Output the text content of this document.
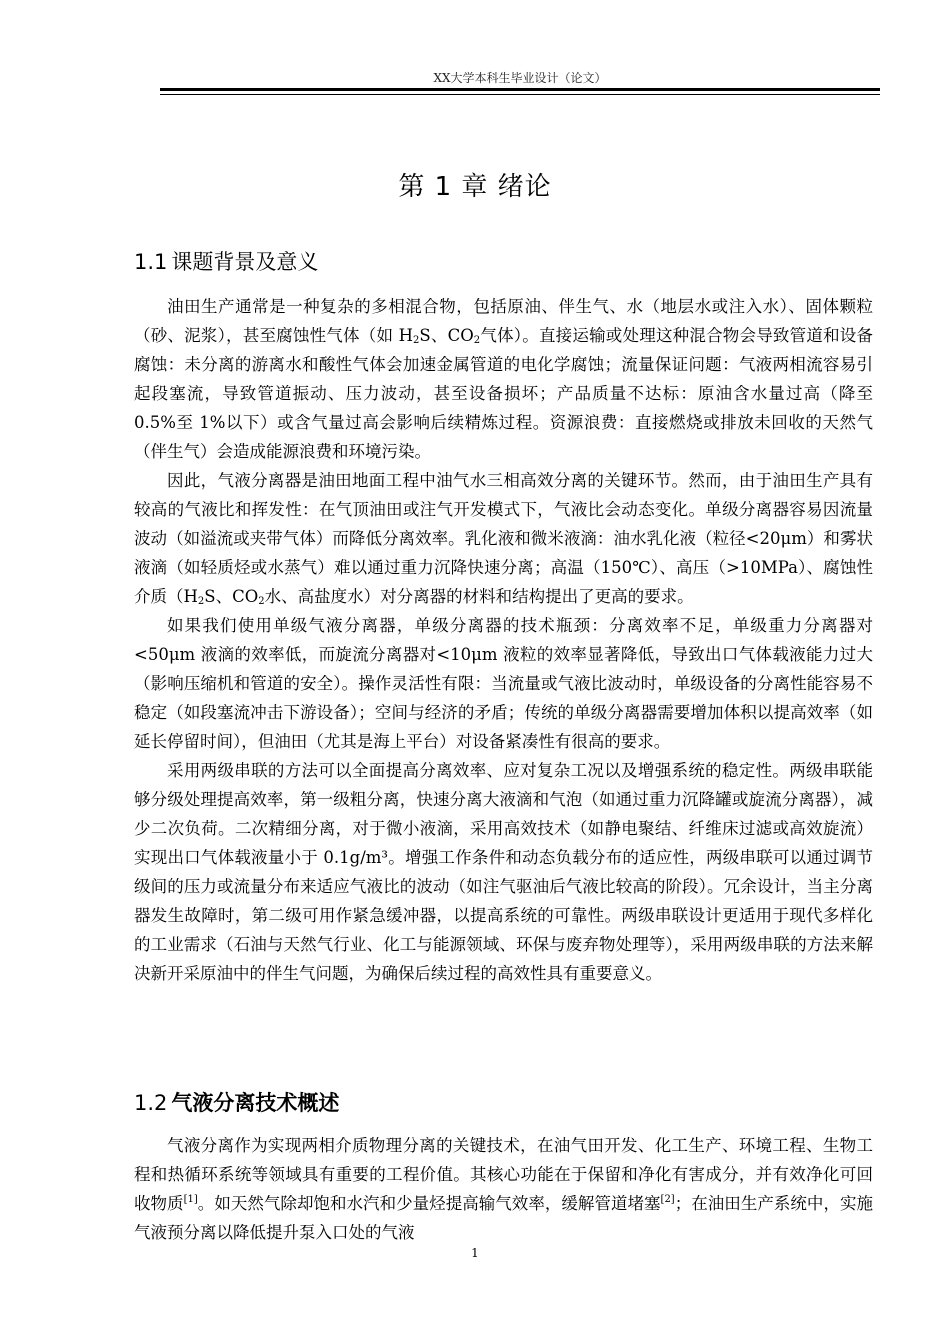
XX大学本科生毕业设计（论文）
第 1 章 绪论
1.1 课题背景及意义

油田生产通常是一种复杂的多相混合物，包括原油、伴生气、水（地层水或注入水）、固体颗粒（砂、泥浆），甚至腐蚀性气体（如 $H_2S$、$CO_2$气体）。直接运输或处理这种混合物会导致管道和设备腐蚀：未分离的游离水和酸性气体会加速金属管道的电化学腐蚀；流量保证问题：气液两相流容易引起段塞流，导致管道振动、压力波动，甚至设备损坏；产品质量不达标：原油含水量过高（降至 0.5%至 1%以下）或含气量过高会影响后续精炼过程。资源浪费：直接燃烧或排放未回收的天然气（伴生气）会造成能源浪费和环境污染。

因此，气液分离器是油田地面工程中油气水三相高效分离的关键环节。然而，由于油田生产具有较高的气液比和挥发性：在气顶油田或注气开发模式下，气液比会动态变化。单级分离器容易因流量波动（如溢流或夹带气体）而降低分离效率。乳化液和微米液滴：油水乳化液（粒径<20μm）和雾状液滴（如轻质烃或水蒸气）难以通过重力沉降快速分离；高温（150℃）、高压（>10MPa）、腐蚀性介质（$H_2S$、$CO_2$水、高盐度水）对分离器的材料和结构提出了更高的要求。

如果我们使用单级气液分离器，单级分离器的技术瓶颈：分离效率不足，单级重力分离器对<50μm 液滴的效率低，而旋流分离器对<10μm 液粒的效率显著降低，导致出口气体载液能力过大（影响压缩机和管道的安全）。操作灵活性有限：当流量或气液比波动时，单级设备的分离性能容易不稳定（如段塞流冲击下游设备）；空间与经济的矛盾；传统的单级分离器需要增加体积以提高效率（如延长停留时间），但油田（尤其是海上平台）对设备紧凑性有很高的要求。

采用两级串联的方法可以全面提高分离效率、应对复杂工况以及增强系统的稳定性。两级串联能够分级处理提高效率，第一级粗分离，快速分离大液滴和气泡（如通过重力沉降罐或旋流分离器），减少二次负荷。二次精细分离，对于微小液滴，采用高效技术（如静电聚结、纤维床过滤或高效旋流）实现出口气体载液量小于 0.1g/m³。增强工作条件和动态负载分布的适应性，两级串联可以通过调节级间的压力或流量分布来适应气液比的波动（如注气驱油后气液比较高的阶段）。冗余设计，当主分离器发生故障时，第二级可用作紧急缓冲器，以提高系统的可靠性。两级串联设计更适用于现代多样化的工业需求（石油与天然气行业、化工与能源领域、环保与废弃物处理等），采用两级串联的方法来解决新开采原油中的伴生气问题，为确保后续过程的高效性具有重要意义。

1.2 气液分离技术概述

气液分离作为实现两相介质物理分离的关键技术，在油气田开发、化工生产、环境工程、生物工程和热循环系统等领域具有重要的工程价值。其核心功能在于保留和净化有害成分，并有效净化可回收物质[1]。如天然气除却饱和水汽和少量烃提高输气效率，缓解管道堵塞[2]；在油田生产系统中，实施气液预分离以降低提升泵入口处的气液

1
